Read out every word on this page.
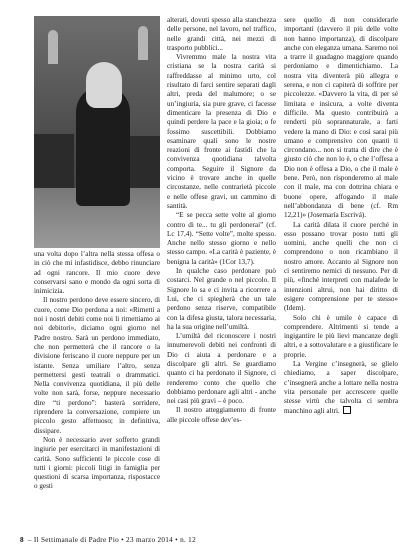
una volta dopo l’altra nella stessa offesa o in ciò che mi infastidisce, debbo rinunciare ad ogni rancore. Il mio cuore deve conservarsi sano e mondo da ogni sorta di inimicizia.

Il nostro perdono deve essere sincero, di cuore, come Dio perdona a noi: «Rimetti a noi i nostri debiti come noi li rimettiamo ai noi debitori», diciamo ogni giorno nel Padre nostro. Sarà un perdono immediato, che non permetterà che il rancore o la divisione feriscano il cuore neppure per un istante. Senza umiliare l’altro, senza permettersi gesti teatrali o drammatici. Nella convivenza quotidiana, il più delle volte non sarà, forse, neppure necessario dire “ti perdono”: basterà sorridere, riprendere la conversazione, compiere un piccolo gesto affettuoso; in definitiva, dissipare.

Non è necessario aver sofferto grandi ingiurie per esercitarci in manifestazioni di carità. Sono sufficienti le piccole cose di tutti i giorni: piccoli litigi in famiglia per questioni di scarsa importanza, rispostacce o gesti

alterati, dovuti spesso alla stanchezza delle persone, nel lavoro, nel traffico, nelle grandi città, nei mezzi di trasporto pubblici...

Vivremmo male la nostra vita cristiana se la nostra carità si raffreddasse al minimo urto, col risultato di farci sentire separati dagli altri, preda del malumore; o se un’ingiuria, sia pure grave, ci facesse dimenticare la presenza di Dio e quindi perdere la pace e la gioia; o fe fossimo suscettibili. Dobbiamo esaminare quali sono le nostre reazioni di fronte ai fastidi che la convivenza quotidiana talvolta comporta. Seguire il Signore da vicino è trovare anche in quelle circostanze, nelle contrarietà piccole e nelle offese gravi, un cammino di santità.

“E se pecca sette volte al giorno contro di te... tu gli perdonerai” (cf. Lc 17,4). “Sette volte”, molte spesso. Anche nello stesso giorno e nello stesso campo. «La carità è paziente, è benigna la carità» (1Cor 13,7).

In qualche caso perdonare può costarci. Nel grande o nel piccolo. Il Signore lo sa e ci invita a ricorrere a Lui, che ci spiegherà che un tale perdono senza riserve, compatibile con la difesa giusta, talora necessaria, ha la sua origine nell’umiltà.

L’umiltà del riconoscere i nostri innumerevoli debiti nei confronti di Dio ci aiuta a perdonare e a discolpare gli altri. Se guardiamo quanto ci ha perdonato il Signore, ci renderemo conto che quello che dobbiamo perdonare agli altri - anche nei casi più gravi – è poco.

Il nostro atteggiamento di fronte alle piccole offese dev’es-

sere quello di non considerarle importanti (davvero il più delle volte non hanno importanza), di discolpare anche con eleganza umana. Saremo noi a trarre il guadagno maggiore quando perdoniamo e dimentichiamo. La nostra vita diventerà più allegra e serena, e non ci capiterà di soffrire per piccolezze. «Davvero la vita, di per sé limitata e insicura, a volte diventa difficile. Ma questo contribuirà a renderti più soprannaturale, a farti vedere la mano di Dio: e così sarai più umano e comprensivo con quanti ti circondano... non si tratta di dire che è giusto ciò che non lo è, o che l’offesa a Dio non è offesa a Dio, o che il male è bene. Però, non risponderemo al male con il male, ma con dottrina chiara e buone opere, affogando il male nell’abbondanza di bene (cf. Rm 12,21)» (Josemaría Escrivá).

La carità dilata il cuore perché in esso possano trovar posto tutti gli uomini, anche quelli che non ci comprendono o non ricambiano il nostro amore. Accanto al Signore non ci sentiremo nemici di nessuno. Per di più, «finché interpreti con malafede le intenzioni altrui, non hai diritto di esigere comprensione per te stesso» (Idem).

Solo chi è umile è capace di comprendere. Altrimenti si tende a ingigantire le più lievi mancanze degli altri, e a sottovalutare e a giustificare le proprie.

La Vergine c’insegnerà, se glielo chiediamo, a saper discolpare, c’insegnerà anche a lottare nella nostra vita personale per accrescere quelle stesse virtù che talvolta ci sembra manchino agli altri.

8 – Il Settimanale di Padre Pio • 23 marzo 2014 • n. 12
